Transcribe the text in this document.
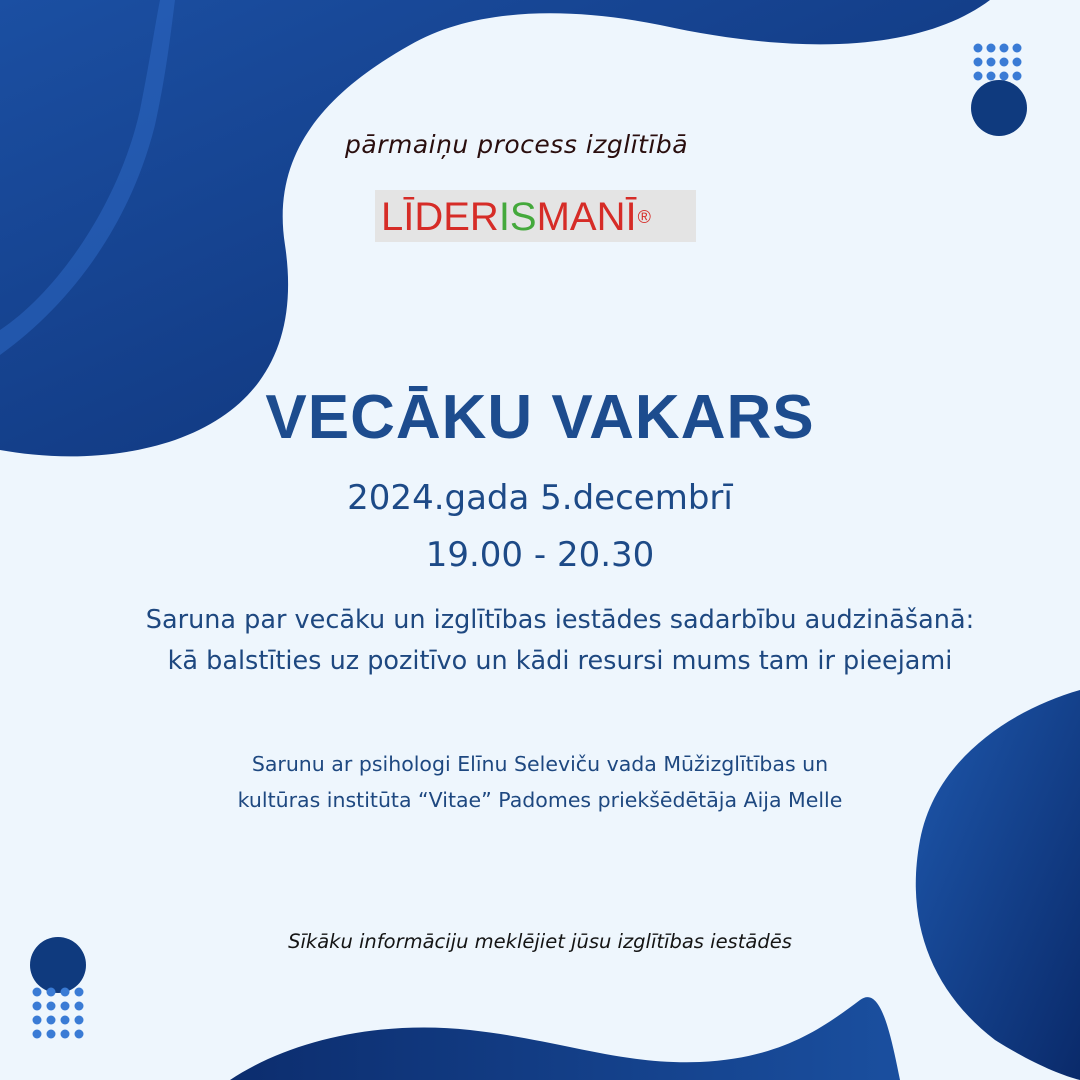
pārmaiņu process izglītībā
LĪDERISMANĪ®
VECĀKU VAKARS
2024.gada 5.decembrī
19.00 - 20.30
Saruna par vecāku un izglītības iestādes sadarbību audzināšanā:
kā balstīties uz pozitīvo un kādi resursi mums tam ir pieejami
Sarunu ar psihologi Elīnu Seleviču vada Mūžizglītības un
kultūras institūta “Vitae” Padomes priekšēdētāja Aija Melle
Sīkāku informāciju meklējiet jūsu izglītības iestādēs
